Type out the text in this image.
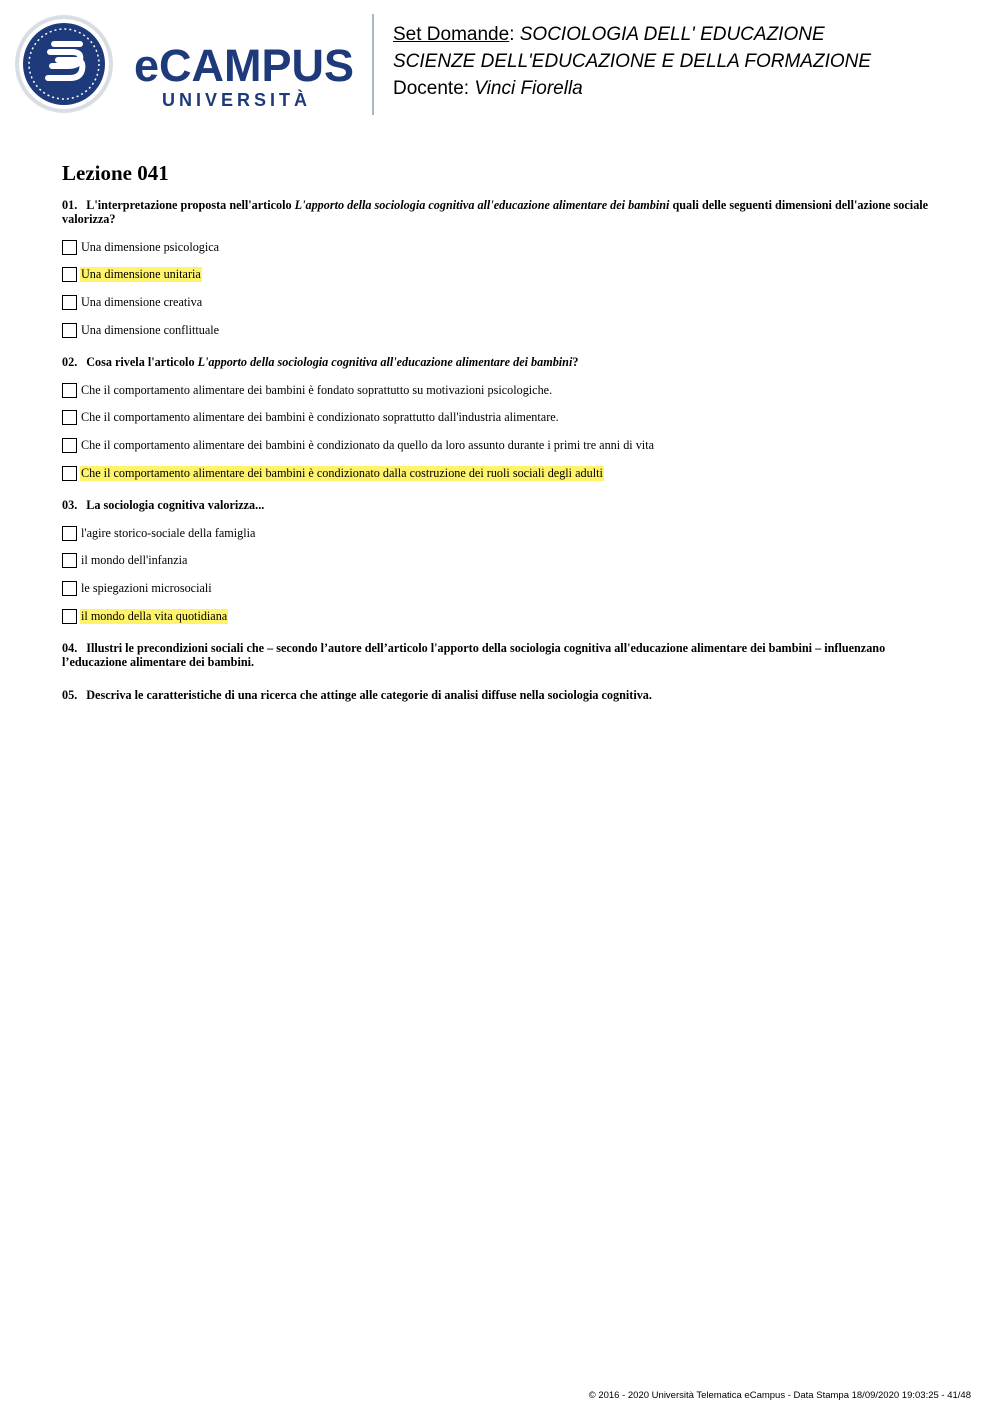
eCAMPUS
UNIVERSITÀ
Set Domande: SOCIOLOGIA DELL' EDUCAZIONE
SCIENZE DELL'EDUCAZIONE E DELLA FORMAZIONE
Docente: Vinci Fiorella
Lezione 041

01. L'interpretazione proposta nell'articolo L'apporto della sociologia cognitiva all'educazione alimentare dei bambini quali delle seguenti dimensioni dell'azione sociale valorizza?

Una dimensione psicologica
Una dimensione unitaria
Una dimensione creativa
Una dimensione conflittuale

02. Cosa rivela l'articolo L'apporto della sociologia cognitiva all'educazione alimentare dei bambini?

Che il comportamento alimentare dei bambini è fondato soprattutto su motivazioni psicologiche.
Che il comportamento alimentare dei bambini è condizionato soprattutto dall'industria alimentare.
Che il comportamento alimentare dei bambini è condizionato da quello da loro assunto durante i primi tre anni di vita
Che il comportamento alimentare dei bambini è condizionato dalla costruzione dei ruoli sociali degli adulti

03. La sociologia cognitiva valorizza...

l'agire storico-sociale della famiglia
il mondo dell'infanzia
le spiegazioni microsociali
il mondo della vita quotidiana

04. Illustri le precondizioni sociali che – secondo l’autore dell’articolo l'apporto della sociologia cognitiva all'educazione alimentare dei bambini – influenzano l’educazione alimentare dei bambini.

05. Descriva le caratteristiche di una ricerca che attinge alle categorie di analisi diffuse nella sociologia cognitiva.

© 2016 - 2020 Università Telematica eCampus - Data Stampa 18/09/2020 19:03:25 - 41/48
